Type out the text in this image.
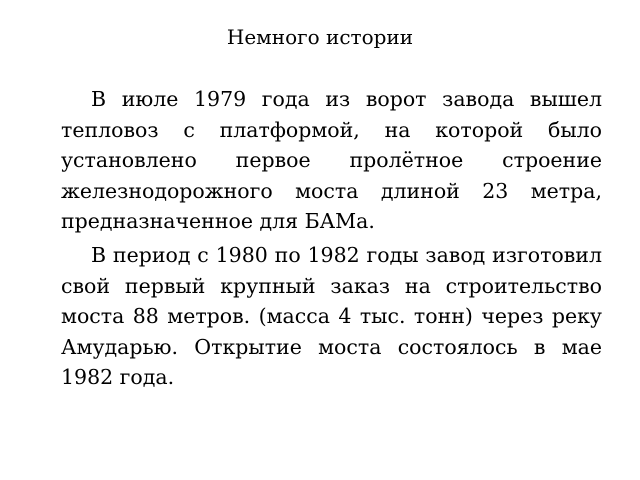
Немного истории

В июле 1979 года из ворот завода вышел тепловоз с платформой, на которой было установлено первое пролётное строение железнодорожного моста длиной 23 метра, предназначенное для БАМа.

В период с 1980 по 1982 годы завод изготовил свой первый крупный заказ на строительство моста 88 метров. (масса 4 тыс. тонн) через реку Амударью. Открытие моста состоялось в мае 1982 года.
